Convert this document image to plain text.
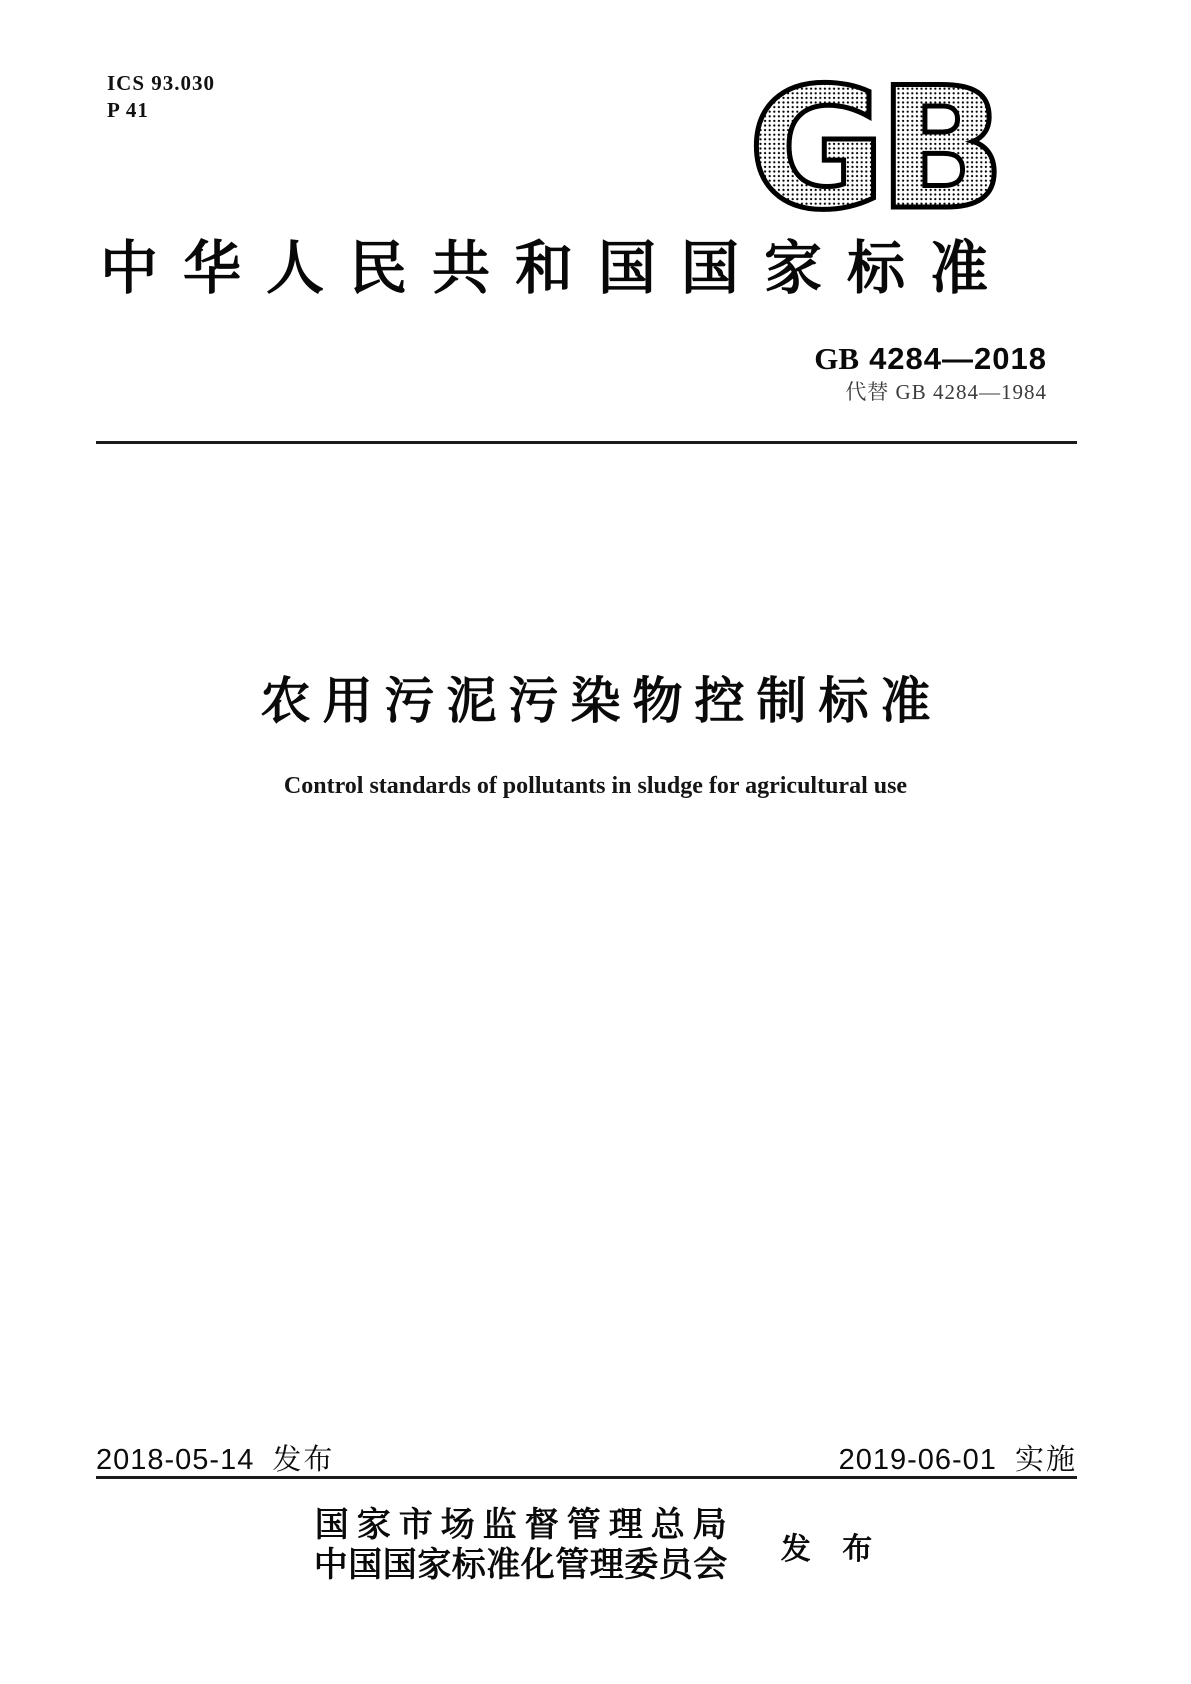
ICS 93.030
P 41	GB
中华人民共和国国家标准
GB 4284—2018
代替 GB 4284—1984
农用污泥污染物控制标准
Control standards of pollutants in sludge for agricultural use
2018-05-14 发布	2019-06-01 实施
国家市场监督管理总局
中国国家标准化管理委员会 发 布
